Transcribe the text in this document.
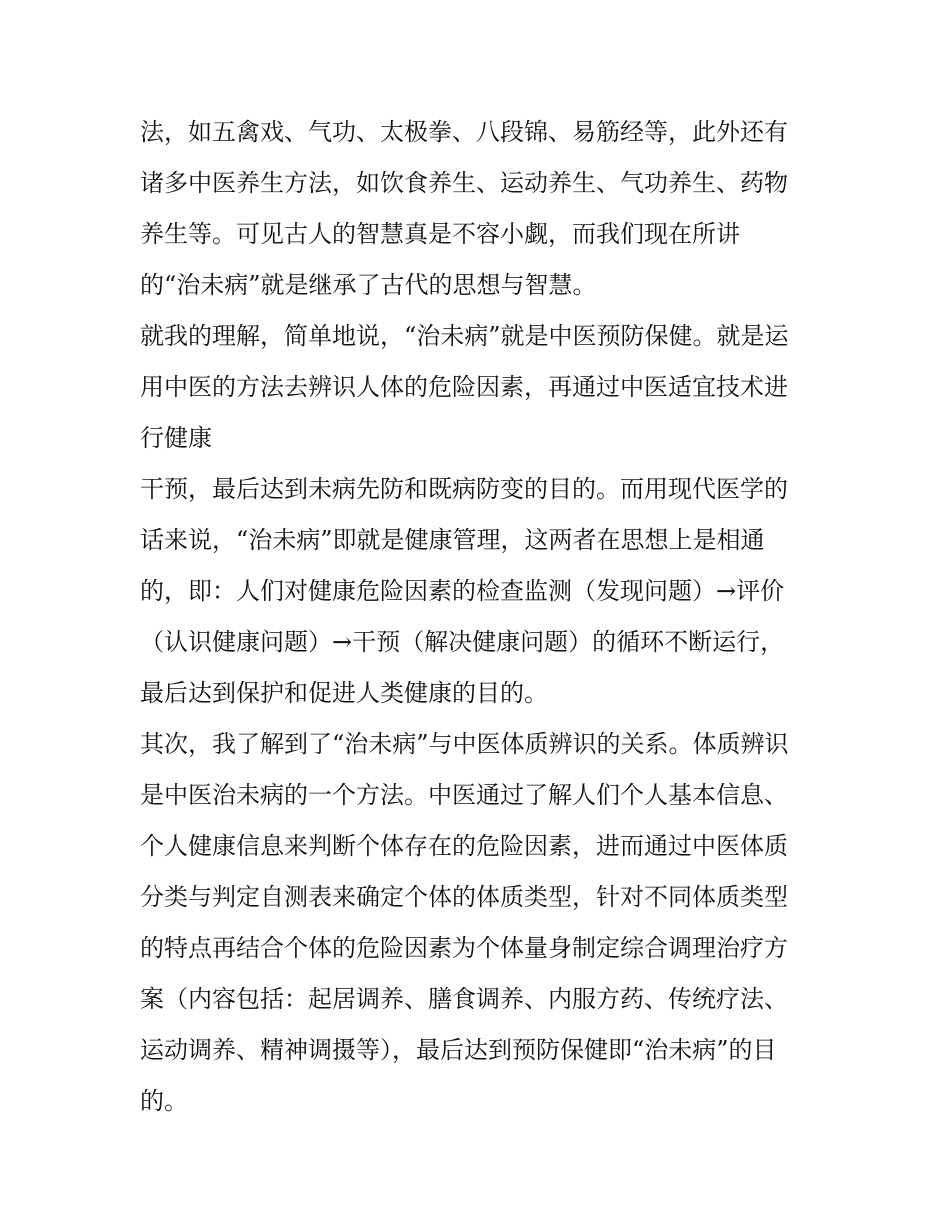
法，如五禽戏、气功、太极拳、八段锦、易筋经等，此外还有

诸多中医养生方法，如饮食养生、运动养生、气功养生、药物

养生等。可见古人的智慧真是不容小觑，而我们现在所讲

的“治未病”就是继承了古代的思想与智慧。

就我的理解，简单地说，“治未病”就是中医预防保健。就是运

用中医的方法去辨识人体的危险因素，再通过中医适宜技术进

行健康

干预，最后达到未病先防和既病防变的目的。而用现代医学的

话来说，“治未病”即就是健康管理，这两者在思想上是相通

的，即：人们对健康危险因素的检查监测（发现问题）→评价

（认识健康问题）→干预（解决健康问题）的循环不断运行，

最后达到保护和促进人类健康的目的。

其次，我了解到了“治未病”与中医体质辨识的关系。体质辨识

是中医治未病的一个方法。中医通过了解人们个人基本信息、

个人健康信息来判断个体存在的危险因素，进而通过中医体质

分类与判定自测表来确定个体的体质类型，针对不同体质类型

的特点再结合个体的危险因素为个体量身制定综合调理治疗方

案（内容包括：起居调养、膳食调养、内服方药、传统疗法、

运动调养、精神调摄等），最后达到预防保健即“治未病”的目

的。
